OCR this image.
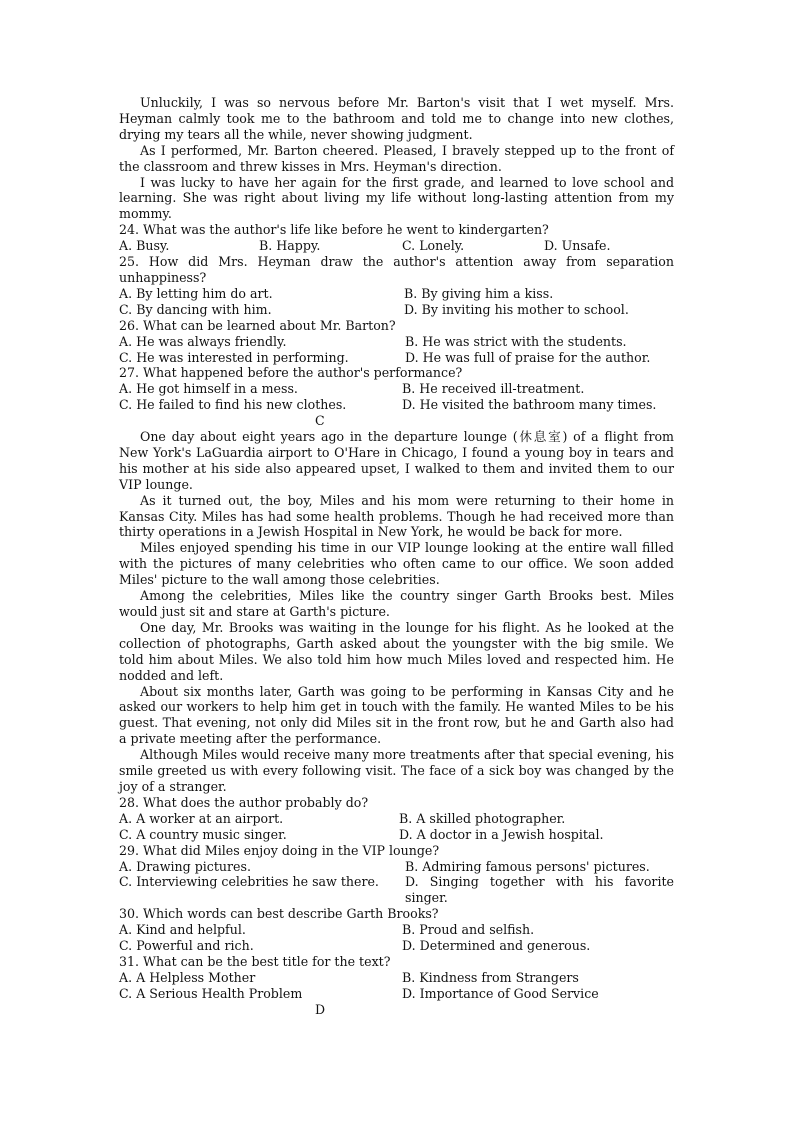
Unluckily, I was so nervous before Mr. Barton's visit that I wet myself. Mrs. Heyman calmly took me to the bathroom and told me to change into new clothes, drying my tears all the while, never showing judgment.

As I performed, Mr. Barton cheered. Pleased, I bravely stepped up to the front of the classroom and threw kisses in Mrs. Heyman's direction.

I was lucky to have her again for the first grade, and learned to love school and learning. She was right about living my life without long-lasting attention from my mommy.

24. What was the author's life like before he went to kindergarten?

A. Busy.	B. Happy.	C. Lonely.	D. Unsafe.

25. How did Mrs. Heyman draw the author's attention away from separation unhappiness?

A. By letting him do art.	B. By giving him a kiss.
C. By dancing with him.	D. By inviting his mother to school.

26. What can be learned about Mr. Barton?

A. He was always friendly.	B. He was strict with the students.
C. He was interested in performing.	D. He was full of praise for the author.

27. What happened before the author's performance?

A. He got himself in a mess.	B. He received ill-treatment.
C. He failed to find his new clothes.	D. He visited the bathroom many times.

C

One day about eight years ago in the departure lounge (休息室) of a flight from New York's LaGuardia airport to O'Hare in Chicago, I found a young boy in tears and his mother at his side also appeared upset, I walked to them and invited them to our VIP lounge.

As it turned out, the boy, Miles and his mom were returning to their home in Kansas City. Miles has had some health problems. Though he had received more than thirty operations in a Jewish Hospital in New York, he would be back for more.

Miles enjoyed spending his time in our VIP lounge looking at the entire wall filled with the pictures of many celebrities who often came to our office. We soon added Miles' picture to the wall among those celebrities.

Among the celebrities, Miles like the country singer Garth Brooks best. Miles would just sit and stare at Garth's picture.

One day, Mr. Brooks was waiting in the lounge for his flight. As he looked at the collection of photographs, Garth asked about the youngster with the big smile. We told him about Miles. We also told him how much Miles loved and respected him. He nodded and left.

About six months later, Garth was going to be performing in Kansas City and he asked our workers to help him get in touch with the family. He wanted Miles to be his guest. That evening, not only did Miles sit in the front row, but he and Garth also had a private meeting after the performance.

Although Miles would receive many more treatments after that special evening, his smile greeted us with every following visit. The face of a sick boy was changed by the joy of a stranger.

28. What does the author probably do?

A. A worker at an airport.	B. A skilled photographer.
C. A country music singer.	D. A doctor in a Jewish hospital.

29. What did Miles enjoy doing in the VIP lounge?

A. Drawing pictures.	B. Admiring famous persons' pictures.
C. Interviewing celebrities he saw there.	D. Singing together with his favorite
singer.

30. Which words can best describe Garth Brooks?

A. Kind and helpful.	B. Proud and selfish.
C. Powerful and rich.	D. Determined and generous.

31. What can be the best title for the text?

A. A Helpless Mother	B. Kindness from Strangers
C. A Serious Health Problem	D. Importance of Good Service

D
